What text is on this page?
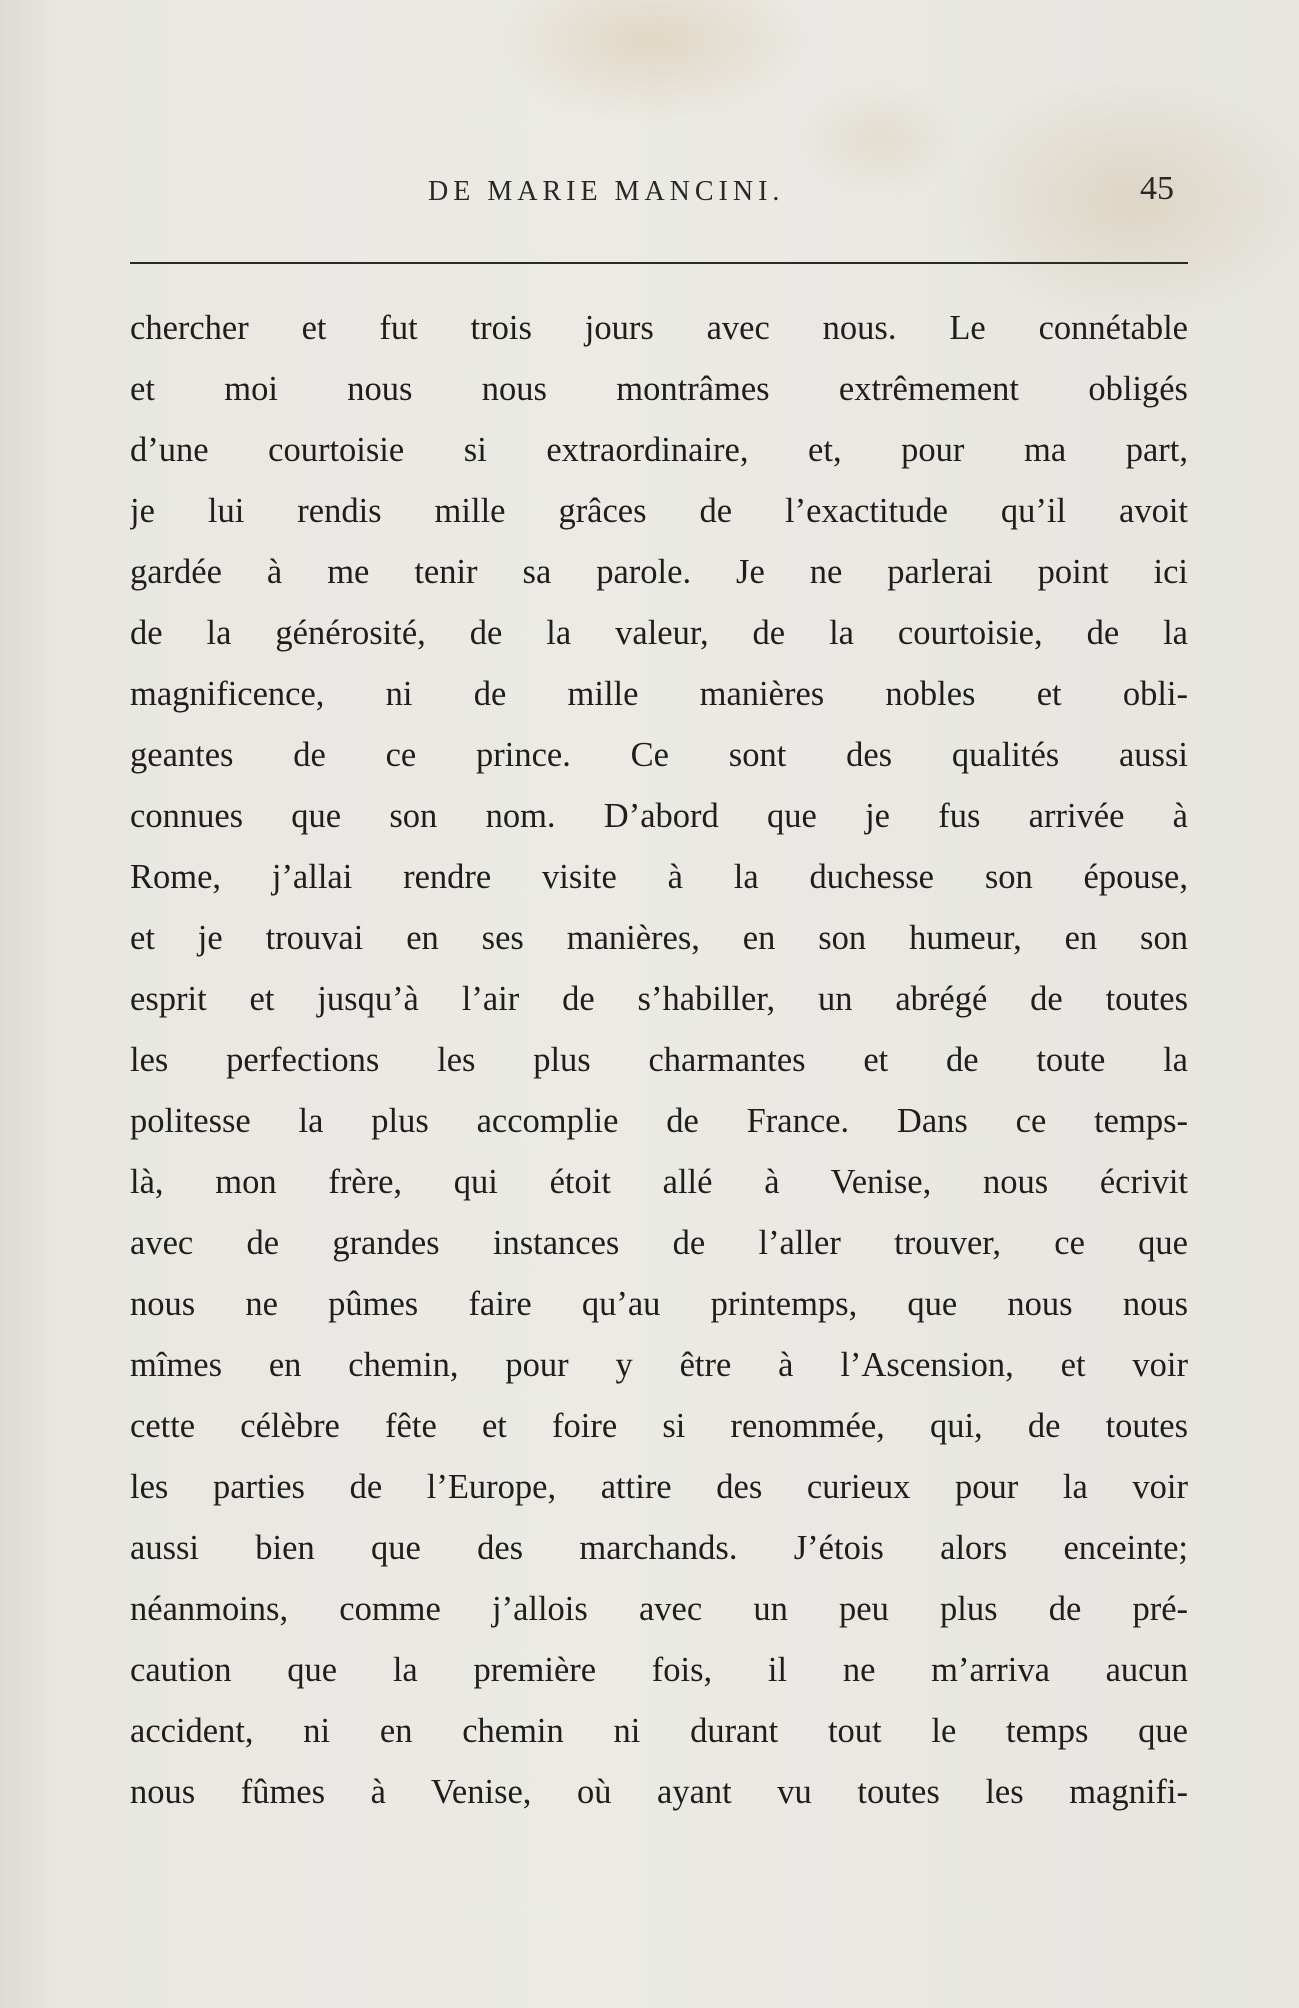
DE MARIE MANCINI.	45
chercher et fut trois jours avec nous. Le connétable
et moi nous nous montrâmes extrêmement obligés
d’une courtoisie si extraordinaire, et, pour ma part,
je lui rendis mille grâces de l’exactitude qu’il avoit
gardée à me tenir sa parole. Je ne parlerai point ici
de la générosité, de la valeur, de la courtoisie, de la
magnificence, ni de mille manières nobles et obli-
geantes de ce prince. Ce sont des qualités aussi
connues que son nom. D’abord que je fus arrivée à
Rome, j’allai rendre visite à la duchesse son épouse,
et je trouvai en ses manières, en son humeur, en son
esprit et jusqu’à l’air de s’habiller, un abrégé de toutes
les perfections les plus charmantes et de toute la
politesse la plus accomplie de France. Dans ce temps-
là, mon frère, qui étoit allé à Venise, nous écrivit
avec de grandes instances de l’aller trouver, ce que
nous ne pûmes faire qu’au printemps, que nous nous
mîmes en chemin, pour y être à l’Ascension, et voir
cette célèbre fête et foire si renommée, qui, de toutes
les parties de l’Europe, attire des curieux pour la voir
aussi bien que des marchands. J’étois alors enceinte;
néanmoins, comme j’allois avec un peu plus de pré-
caution que la première fois, il ne m’arriva aucun
accident, ni en chemin ni durant tout le temps que
nous fûmes à Venise, où ayant vu toutes les magnifi-
